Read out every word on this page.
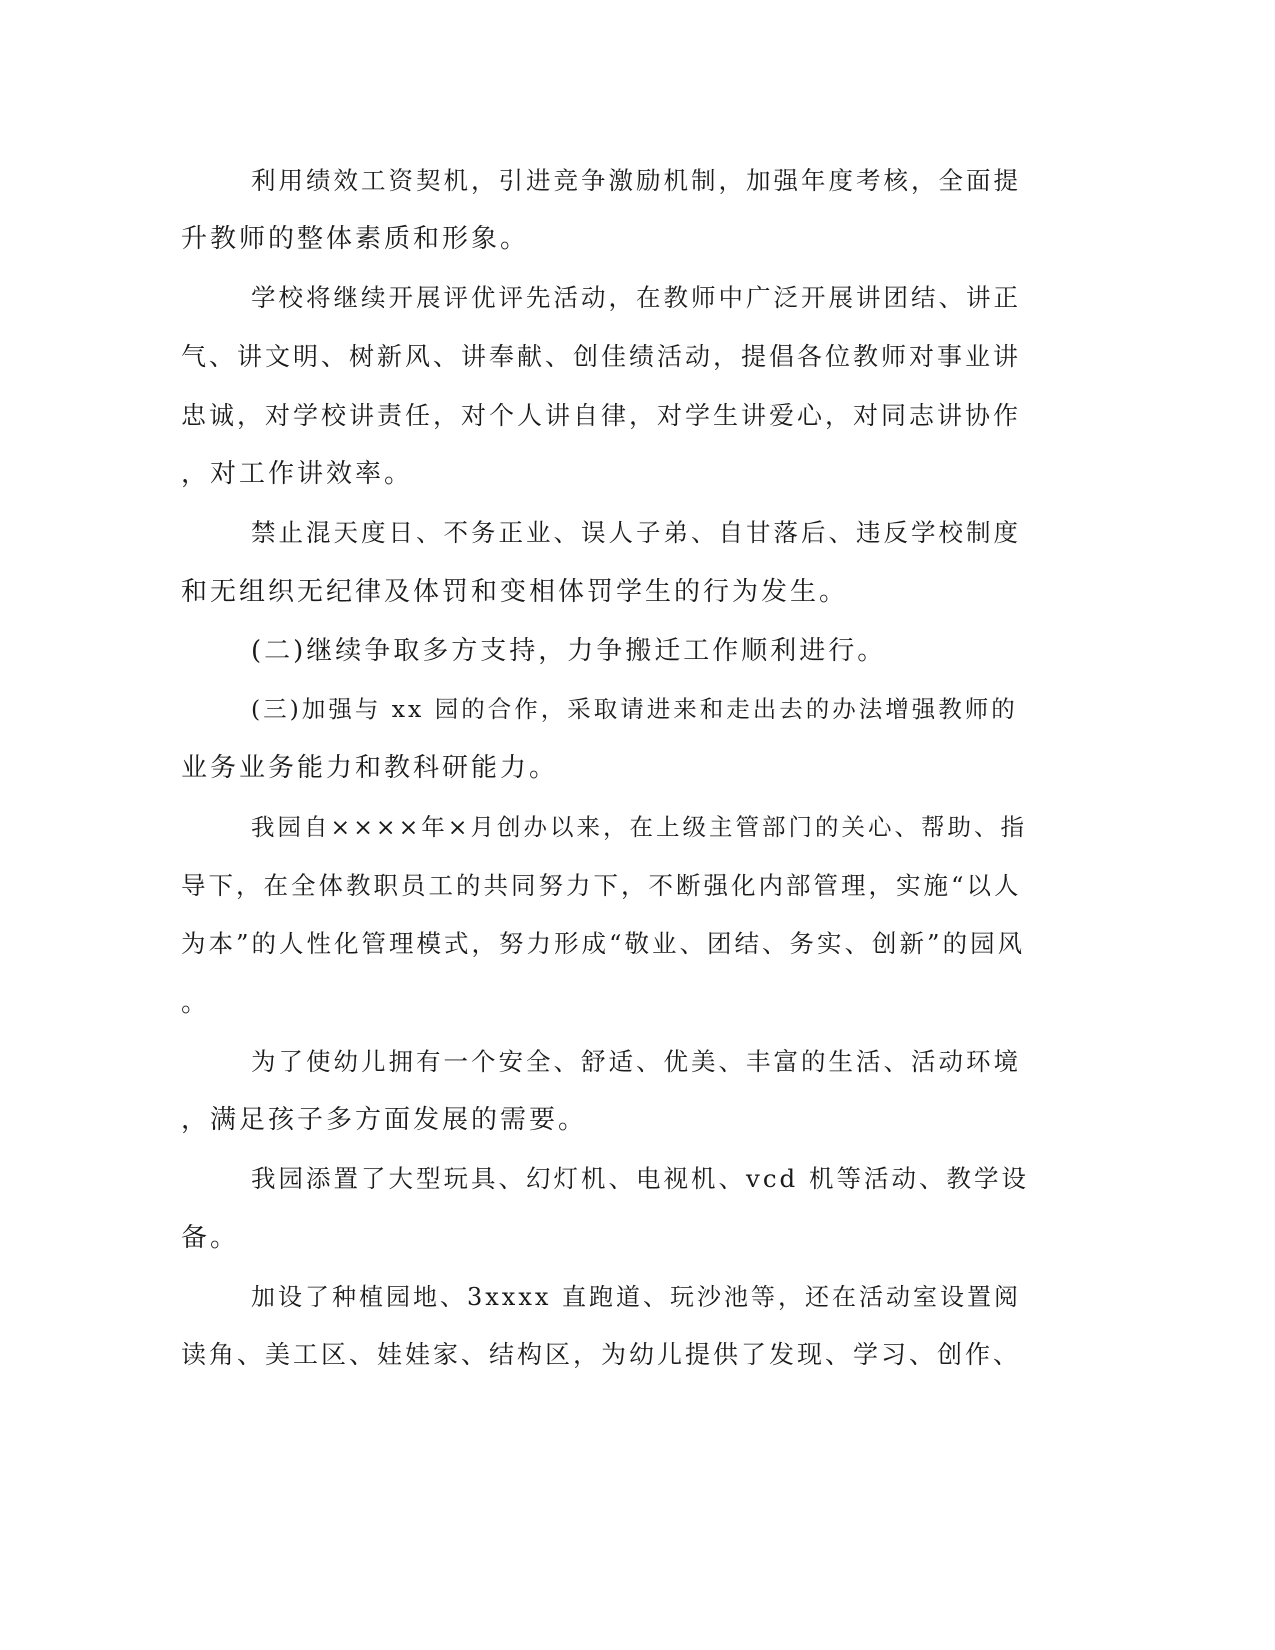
利用绩效工资契机，引进竞争激励机制，加强年度考核，全面提

升教师的整体素质和形象。

学校将继续开展评优评先活动，在教师中广泛开展讲团结、讲正

气、讲文明、树新风、讲奉献、创佳绩活动，提倡各位教师对事业讲

忠诚，对学校讲责任，对个人讲自律，对学生讲爱心，对同志讲协作

，对工作讲效率。

禁止混天度日、不务正业、误人子弟、自甘落后、违反学校制度

和无组织无纪律及体罚和变相体罚学生的行为发生。

(二)继续争取多方支持，力争搬迁工作顺利进行。

(三)加强与 xx 园的合作，采取请进来和走出去的办法增强教师的

业务业务能力和教科研能力。

我园自××××年×月创办以来，在上级主管部门的关心、帮助、指

导下，在全体教职员工的共同努力下，不断强化内部管理，实施“以人

为本”的人性化管理模式，努力形成“敬业、团结、务实、创新”的园风

。

为了使幼儿拥有一个安全、舒适、优美、丰富的生活、活动环境

，满足孩子多方面发展的需要。

我园添置了大型玩具、幻灯机、电视机、vcd 机等活动、教学设

备。

加设了种植园地、3xxxx 直跑道、玩沙池等，还在活动室设置阅

读角、美工区、娃娃家、结构区，为幼儿提供了发现、学习、创作、
